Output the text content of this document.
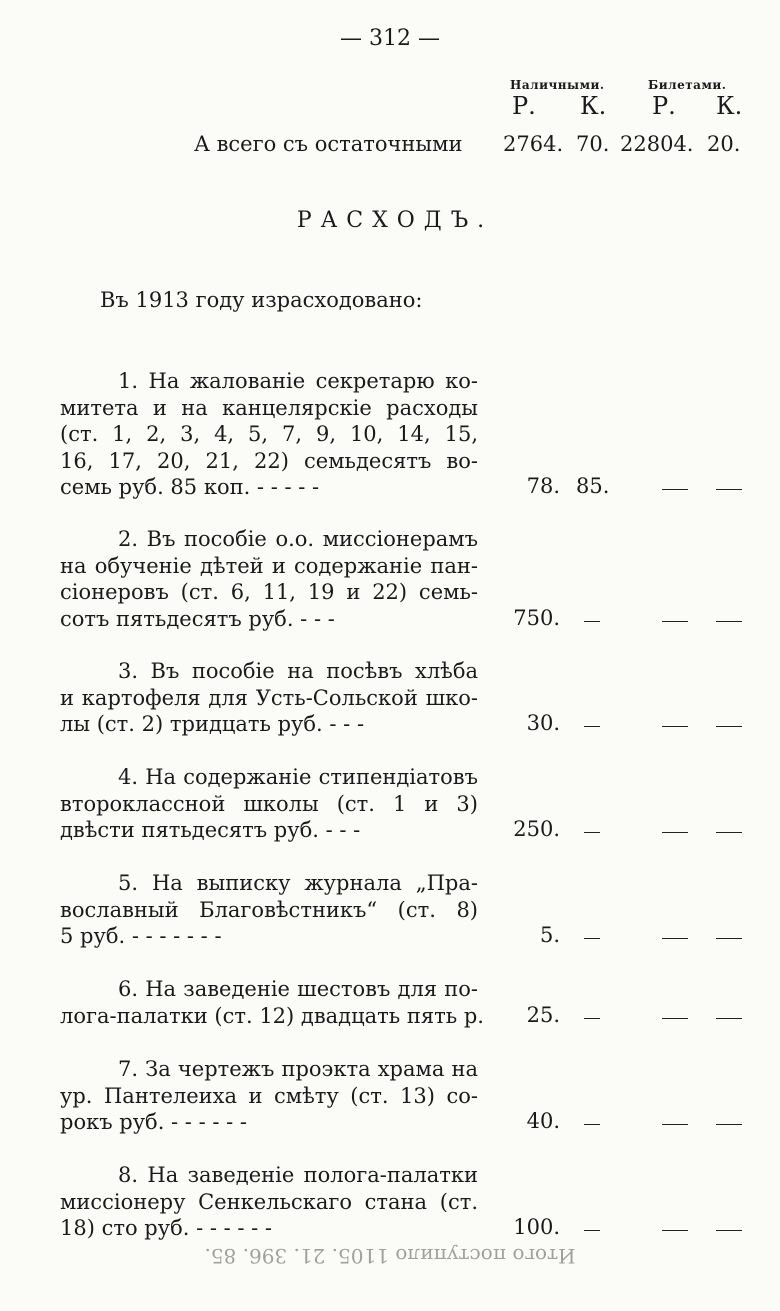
— 312 —
Наличными.	Билетами.
Р. К. Р. К.
А всего съ остаточными 2764. 70. 22804. 20.
РАСХОДЪ.
Въ 1913 году израсходовано:
1. На жалованіе секретарю ко-
митета и на канцелярскіе расходы
(ст. 1, 2, 3, 4, 5, 7, 9, 10, 14, 15,
16, 17, 20, 21, 22) семьдесятъ во-
семь руб. 85 коп. - - - - -	78. 85.
2. Въ пособіе о.о. миссіонерамъ
на обученіе дѣтей и содержаніе пан-
сіонеровъ (ст. 6, 11, 19 и 22) семь-
сотъ пятьдесятъ руб. - - -	750.
3. Въ пособіе на посѣвъ хлѣба
и картофеля для Усть-Сольской шко-
лы (ст. 2) тридцать руб. - - -	30.
4. На содержаніе стипендіатовъ
второклассной школы (ст. 1 и 3)
двѣсти пятьдесятъ руб. - - -	250.
5. На выписку журнала „Пра-
вославный Благовѣстникъ“ (ст. 8)
5 руб. - - - - - - -	5.
6. На заведеніе шестовъ для по-
лога-палатки (ст. 12) двадцать пять р.	25.
7. За чертежъ проэкта храма на
ур. Пантелеиха и смѣту (ст. 13) со-
рокъ руб. - - - - - -	40.
8. На заведеніе полога-палатки
миссіонеру Сенкельскаго стана (ст.
18) сто руб. - - - - - -	100.
Итого поступило 1105. 21. 396. 85.
